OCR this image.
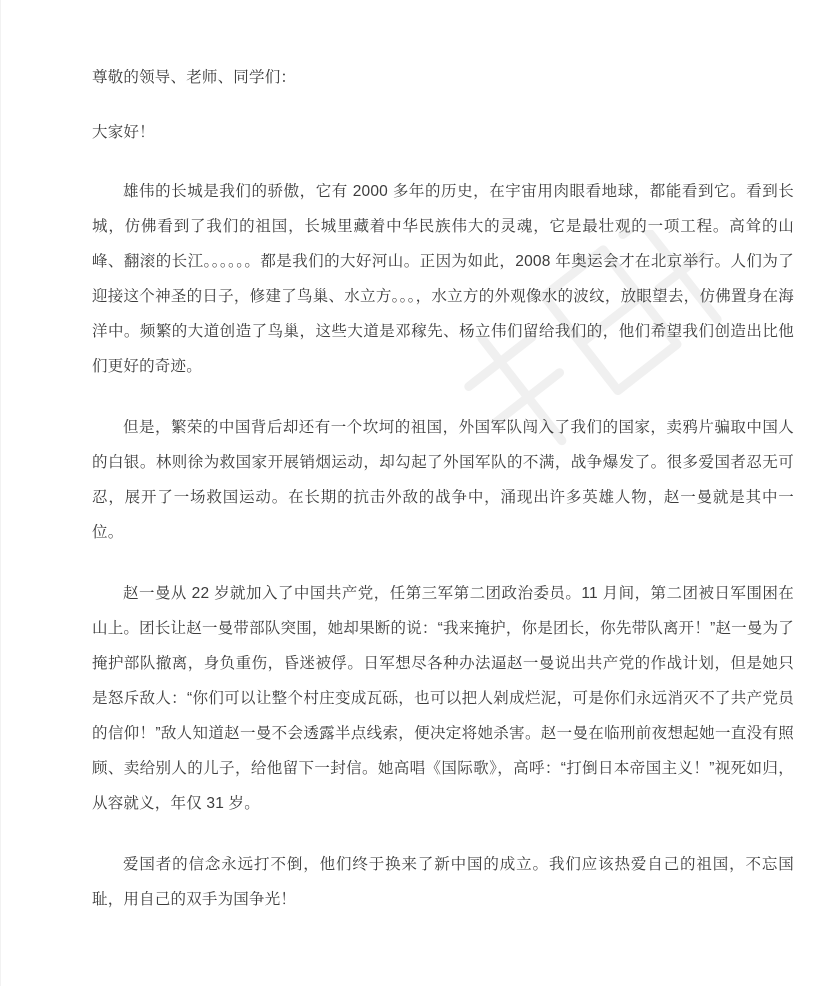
尊敬的领导、老师、同学们：

大家好！

雄伟的长城是我们的骄傲，它有 2000 多年的历史，在宇宙用肉眼看地球，都能看到它。看到长城，仿佛看到了我们的祖国，长城里藏着中华民族伟大的灵魂，它是最壮观的一项工程。高耸的山峰、翻滚的长江。。。。。。都是我们的大好河山。正因为如此，2008 年奥运会才在北京举行。人们为了迎接这个神圣的日子，修建了鸟巢、水立方。。。，水立方的外观像水的波纹，放眼望去，仿佛置身在海洋中。频繁的大道创造了鸟巢，这些大道是邓稼先、杨立伟们留给我们的，他们希望我们创造出比他们更好的奇迹。

但是，繁荣的中国背后却还有一个坎坷的祖国，外国军队闯入了我们的国家，卖鸦片骗取中国人的白银。林则徐为救国家开展销烟运动，却勾起了外国军队的不满，战争爆发了。很多爱国者忍无可忍，展开了一场救国运动。在长期的抗击外敌的战争中，涌现出许多英雄人物，赵一曼就是其中一位。

赵一曼从 22 岁就加入了中国共产党，任第三军第二团政治委员。11 月间，第二团被日军围困在山上。团长让赵一曼带部队突围，她却果断的说：“我来掩护，你是团长，你先带队离开！”赵一曼为了掩护部队撤离，身负重伤，昏迷被俘。日军想尽各种办法逼赵一曼说出共产党的作战计划，但是她只是怒斥敌人：“你们可以让整个村庄变成瓦砾，也可以把人剁成烂泥，可是你们永远消灭不了共产党员的信仰！”敌人知道赵一曼不会透露半点线索，便决定将她杀害。赵一曼在临刑前夜想起她一直没有照顾、卖给别人的儿子，给他留下一封信。她高唱《国际歌》，高呼：“打倒日本帝国主义！”视死如归，从容就义，年仅 31 岁。

爱国者的信念永远打不倒，他们终于换来了新中国的成立。我们应该热爱自己的祖国，不忘国耻，用自己的双手为国争光！
